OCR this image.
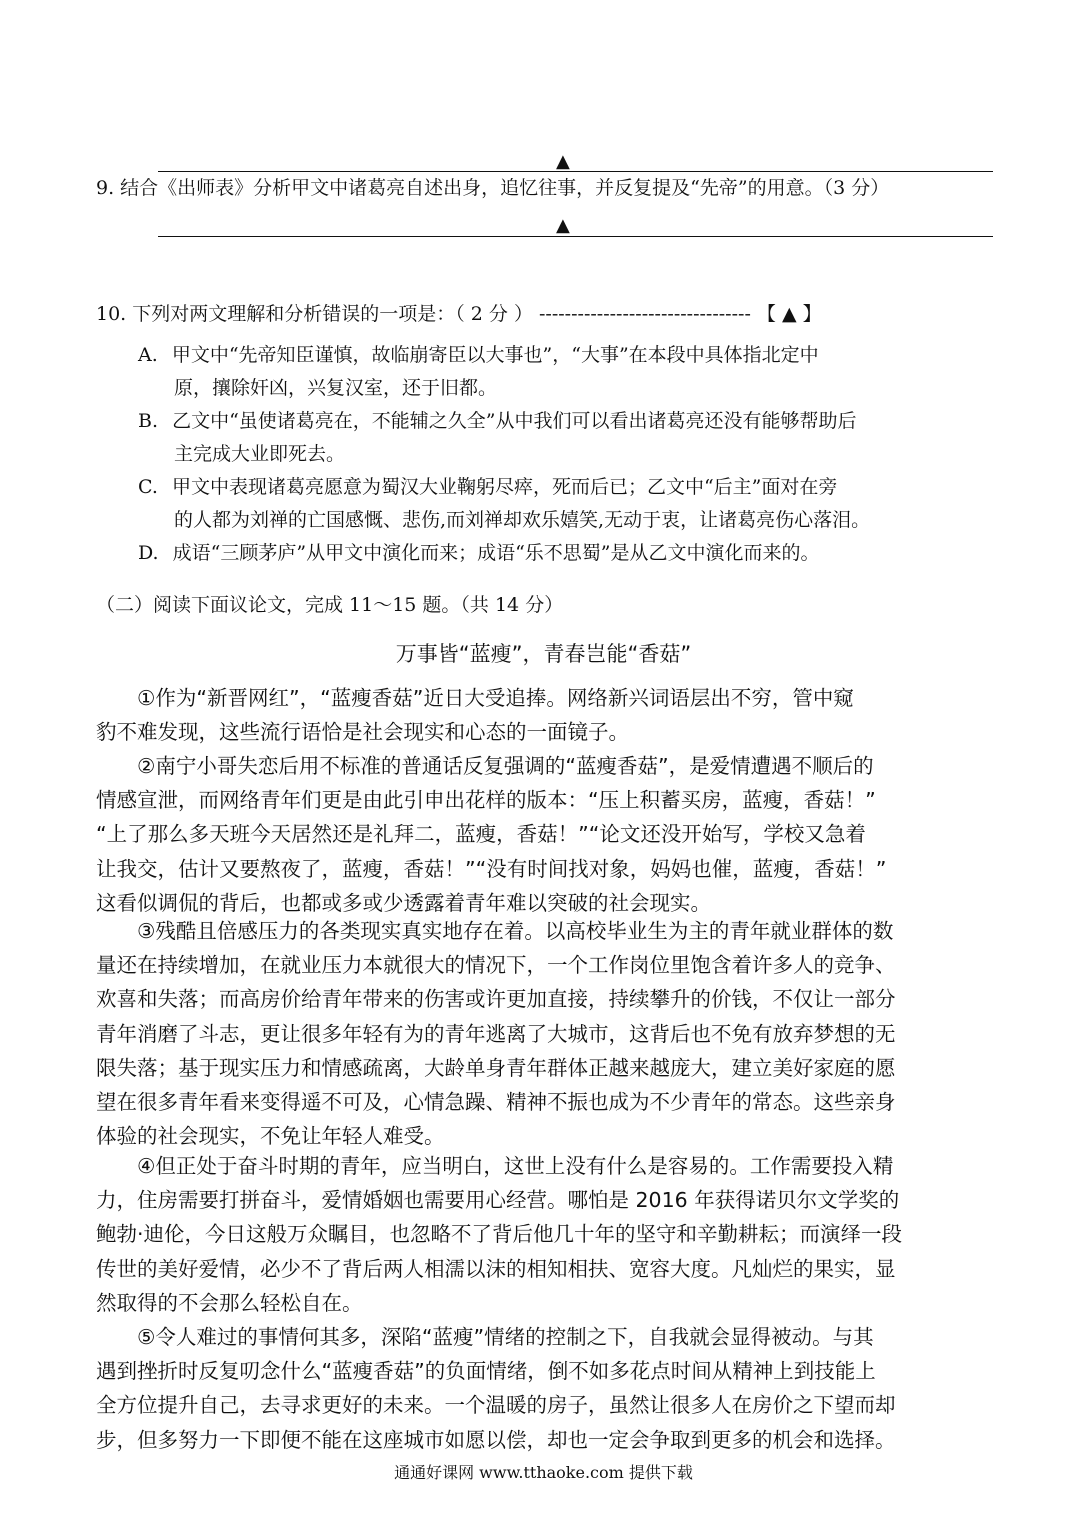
▲
9. 结合《出师表》分析甲文中诸葛亮自述出身，追忆往事，并反复提及“先帝”的用意。（3 分）
▲
10. 下列对两文理解和分析错误的一项是：（ 2 分 ） --------------------------------- 【 ▲ 】
A. 甲文中“先帝知臣谨慎，故临崩寄臣以大事也”，“大事”在本段中具体指北定中
原，攘除奸凶，兴复汉室，还于旧都。
B. 乙文中“虽使诸葛亮在，不能辅之久全”从中我们可以看出诸葛亮还没有能够帮助后
主完成大业即死去。
C. 甲文中表现诸葛亮愿意为蜀汉大业鞠躬尽瘁，死而后已；乙文中“后主”面对在旁
的人都为刘禅的亡国感慨、悲伤,而刘禅却欢乐嬉笑,无动于衷，让诸葛亮伤心落泪。
D. 成语“三顾茅庐”从甲文中演化而来；成语“乐不思蜀”是从乙文中演化而来的。
（二）阅读下面议论文，完成 11～15 题。（共 14 分）
万事皆“蓝瘦”，青春岂能“香菇”
①作为“新晋网红”，“蓝瘦香菇”近日大受追捧。网络新兴词语层出不穷，管中窥
豹不难发现，这些流行语恰是社会现实和心态的一面镜子。
②南宁小哥失恋后用不标准的普通话反复强调的“蓝瘦香菇”，是爱情遭遇不顺后的
情感宣泄，而网络青年们更是由此引申出花样的版本：“压上积蓄买房，蓝瘦，香菇！”
“上了那么多天班今天居然还是礼拜二，蓝瘦，香菇！”“论文还没开始写，学校又急着
让我交，估计又要熬夜了，蓝瘦，香菇！”“没有时间找对象，妈妈也催，蓝瘦，香菇！”
这看似调侃的背后，也都或多或少透露着青年难以突破的社会现实。
③残酷且倍感压力的各类现实真实地存在着。以高校毕业生为主的青年就业群体的数
量还在持续增加，在就业压力本就很大的情况下，一个工作岗位里饱含着许多人的竞争、
欢喜和失落；而高房价给青年带来的伤害或许更加直接，持续攀升的价钱，不仅让一部分
青年消磨了斗志，更让很多年轻有为的青年逃离了大城市，这背后也不免有放弃梦想的无
限失落；基于现实压力和情感疏离，大龄单身青年群体正越来越庞大，建立美好家庭的愿
望在很多青年看来变得遥不可及，心情急躁、精神不振也成为不少青年的常态。这些亲身
体验的社会现实，不免让年轻人难受。
④但正处于奋斗时期的青年，应当明白，这世上没有什么是容易的。工作需要投入精
力，住房需要打拼奋斗，爱情婚姻也需要用心经营。哪怕是 2016 年获得诺贝尔文学奖的
鲍勃·迪伦，今日这般万众瞩目，也忽略不了背后他几十年的坚守和辛勤耕耘；而演绎一段
传世的美好爱情，必少不了背后两人相濡以沫的相知相扶、宽容大度。凡灿烂的果实，显
然取得的不会那么轻松自在。
⑤令人难过的事情何其多，深陷“蓝瘦”情绪的控制之下，自我就会显得被动。与其
遇到挫折时反复叨念什么“蓝瘦香菇”的负面情绪，倒不如多花点时间从精神上到技能上
全方位提升自己，去寻求更好的未来。一个温暖的房子，虽然让很多人在房价之下望而却
步，但多努力一下即便不能在这座城市如愿以偿，却也一定会争取到更多的机会和选择。
通通好课网 www.tthaoke.com 提供下载
